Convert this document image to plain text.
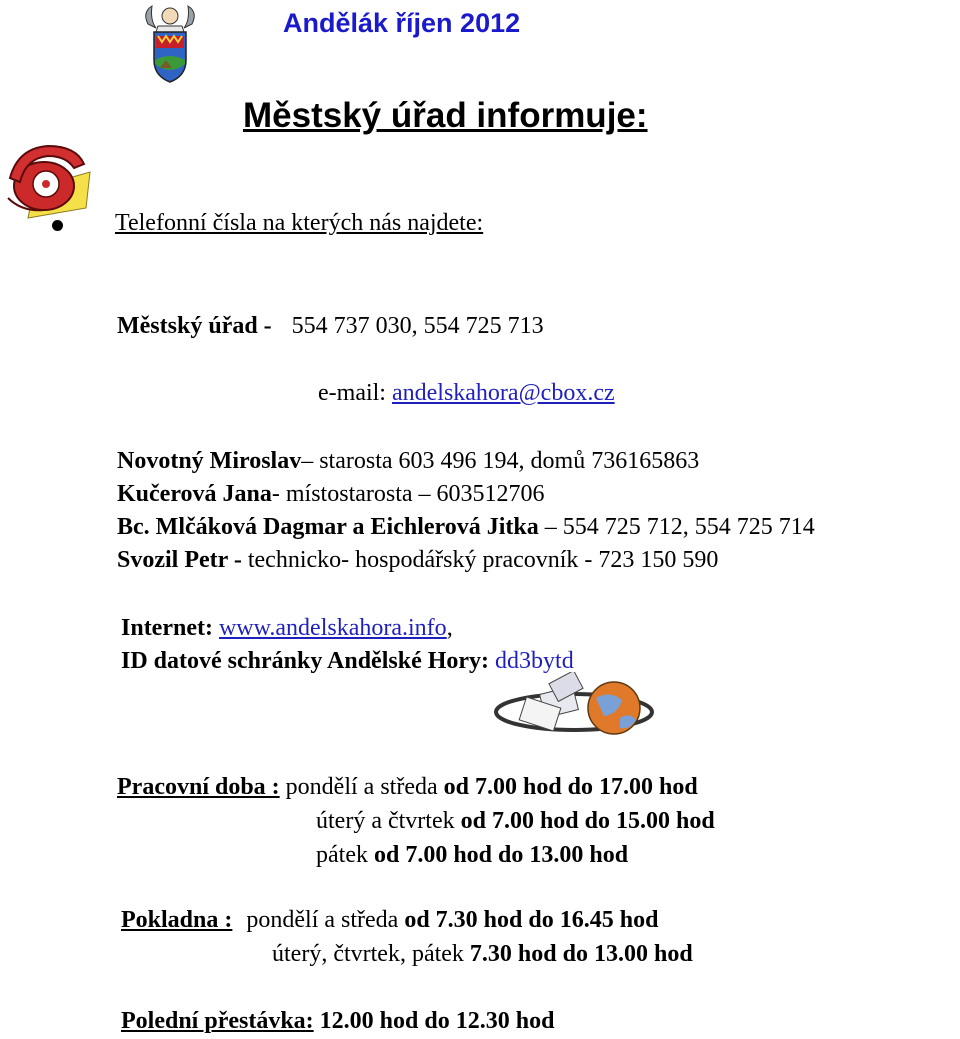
Andělák říjen 2012
Městský úřad informuje:
Telefonní čísla na kterých nás najdete:
Městský úřad - 554 737 030, 554 725 713
e-mail: andelskahora@cbox.cz
Novotný Miroslav– starosta 603 496 194, domů 736165863
Kučerová Jana- místostarosta – 603512706
Bc. Mlčáková Dagmar a Eichlerová Jitka – 554 725 712, 554 725 714
Svozil Petr - technicko- hospodářský pracovník - 723 150 590
Internet: www.andelskahora.info,
ID datové schránky Andělské Hory: dd3bytd
Pracovní doba : pondělí a středa od 7.00 hod do 17.00 hod
úterý a čtvrtek od 7.00 hod do 15.00 hod
pátek od 7.00 hod do 13.00 hod
Pokladna : pondělí a středa od 7.30 hod do 16.45 hod
úterý, čtvrtek, pátek 7.30 hod do 13.00 hod
Polední přestávka: 12.00 hod do 12.30 hod
